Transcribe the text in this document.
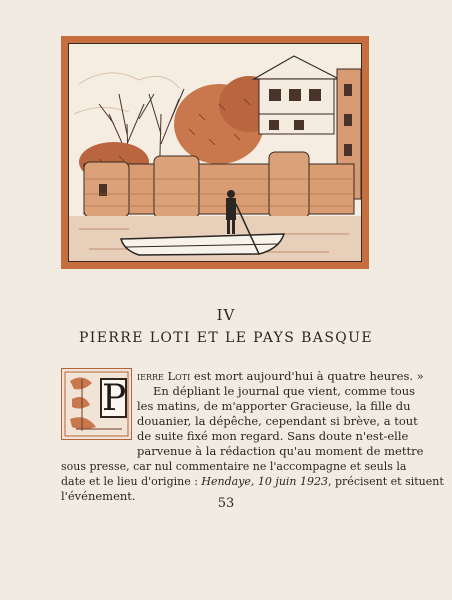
IV
PIERRE LOTI ET LE PAYS BASQUE
P
ierre Loti est mort aujourd'hui à quatre heures. »
En dépliant le journal que vient, comme tous
les matins, de m'apporter Gracieuse, la fille du
douanier, la dépêche, cependant si brève, a tout
de suite fixé mon regard. Sans doute n'est-elle
parvenue à la rédaction qu'au moment de mettre
sous presse, car nul commentaire ne l'accompagne et seuls la
date et le lieu d'origine : Hendaye, 10 juin 1923, précisent et situent
l'événement.	53
